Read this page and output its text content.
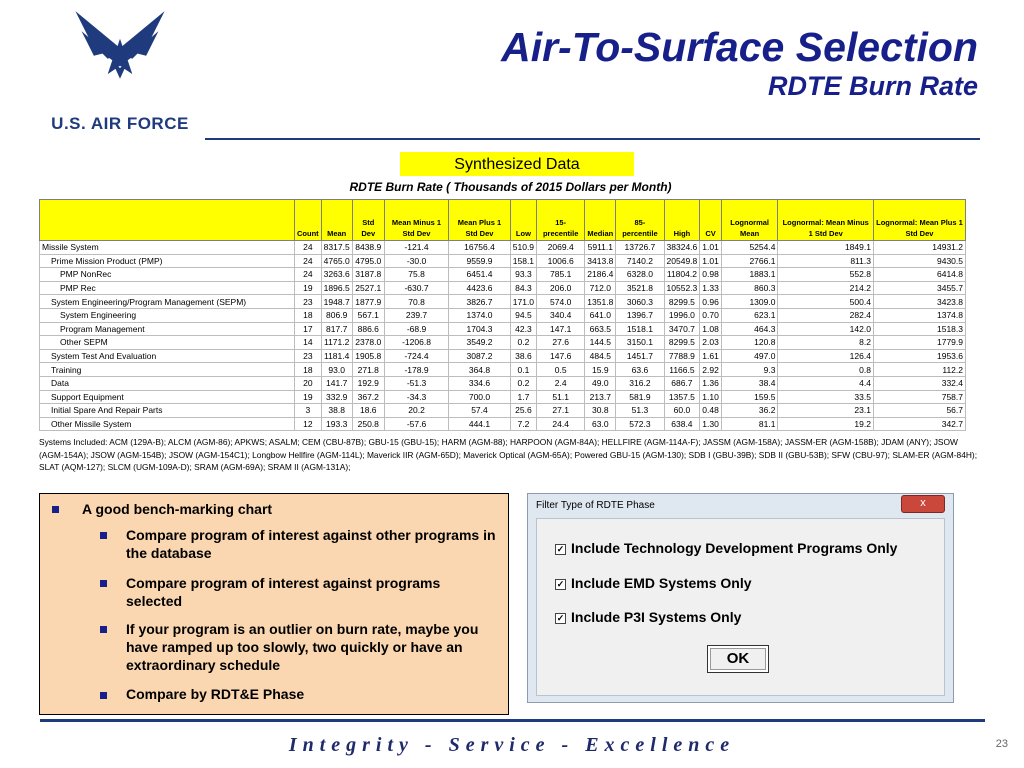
U.S. AIR FORCE
Air-To-Surface Selection
RDTE Burn Rate
Synthesized Data
RDTE Burn Rate ( Thousands of 2015 Dollars per Month)
	Count	Mean	Std Dev	Mean Minus 1 Std Dev	Mean Plus 1 Std Dev	Low	15- precentile	Median	85- percentile	High	CV	Lognormal Mean	Lognormal: Mean Minus 1 Std Dev	Lognormal: Mean Plus 1 Std Dev
Missile System	24	8317.5	8438.9	-121.4	16756.4	510.9	2069.4	5911.1	13726.7	38324.6	1.01	5254.4	1849.1	14931.2
Prime Mission Product (PMP)	24	4765.0	4795.0	-30.0	9559.9	158.1	1006.6	3413.8	7140.2	20549.8	1.01	2766.1	811.3	9430.5
PMP NonRec	24	3263.6	3187.8	75.8	6451.4	93.3	785.1	2186.4	6328.0	11804.2	0.98	1883.1	552.8	6414.8
PMP Rec	19	1896.5	2527.1	-630.7	4423.6	84.3	206.0	712.0	3521.8	10552.3	1.33	860.3	214.2	3455.7
System Engineering/Program Management (SEPM)	23	1948.7	1877.9	70.8	3826.7	171.0	574.0	1351.8	3060.3	8299.5	0.96	1309.0	500.4	3423.8
System Engineering	18	806.9	567.1	239.7	1374.0	94.5	340.4	641.0	1396.7	1996.0	0.70	623.1	282.4	1374.8
Program Management	17	817.7	886.6	-68.9	1704.3	42.3	147.1	663.5	1518.1	3470.7	1.08	464.3	142.0	1518.3
Other SEPM	14	1171.2	2378.0	-1206.8	3549.2	0.2	27.6	144.5	3150.1	8299.5	2.03	120.8	8.2	1779.9
System Test And Evaluation	23	1181.4	1905.8	-724.4	3087.2	38.6	147.6	484.5	1451.7	7788.9	1.61	497.0	126.4	1953.6
Training	18	93.0	271.8	-178.9	364.8	0.1	0.5	15.9	63.6	1166.5	2.92	9.3	0.8	112.2
Data	20	141.7	192.9	-51.3	334.6	0.2	2.4	49.0	316.2	686.7	1.36	38.4	4.4	332.4
Support Equipment	19	332.9	367.2	-34.3	700.0	1.7	51.1	213.7	581.9	1357.5	1.10	159.5	33.5	758.7
Initial Spare And Repair Parts	3	38.8	18.6	20.2	57.4	25.6	27.1	30.8	51.3	60.0	0.48	36.2	23.1	56.7
Other Missile System	12	193.3	250.8	-57.6	444.1	7.2	24.4	63.0	572.3	638.4	1.30	81.1	19.2	342.7
Systems Included: ACM (129A-B); ALCM (AGM-86); APKWS; ASALM; CEM (CBU-87B); GBU-15 (GBU-15); HARM (AGM-88); HARPOON (AGM-84A); HELLFIRE (AGM-114A-F); JASSM (AGM-158A); JASSM-ER (AGM-158B); JDAM (ANY); JSOW (AGM-154A); JSOW (AGM-154B); JSOW (AGM-154C1); Longbow Hellfire (AGM-114L); Maverick IIR (AGM-65D); Maverick Optical (AGM-65A); Powered GBU-15 (AGM-130); SDB I (GBU-39B); SDB II (GBU-53B); SFW (CBU-97); SLAM-ER (AGM-84H); SLAT (AQM-127); SLCM (UGM-109A-D); SRAM (AGM-69A); SRAM II (AGM-131A);
A good bench-marking chart
Compare program of interest against other programs in the database
Compare program of interest against programs selected
If your program is an outlier on burn rate, maybe you have ramped up too slowly, two quickly or have an extraordinary schedule
Compare by RDT&E Phase
Filter Type of RDTE Phase	x
✓ Include Technology Development Programs Only
✓ Include EMD Systems Only
✓ Include P3I Systems Only
OK
Integrity - Service - Excellence	23
